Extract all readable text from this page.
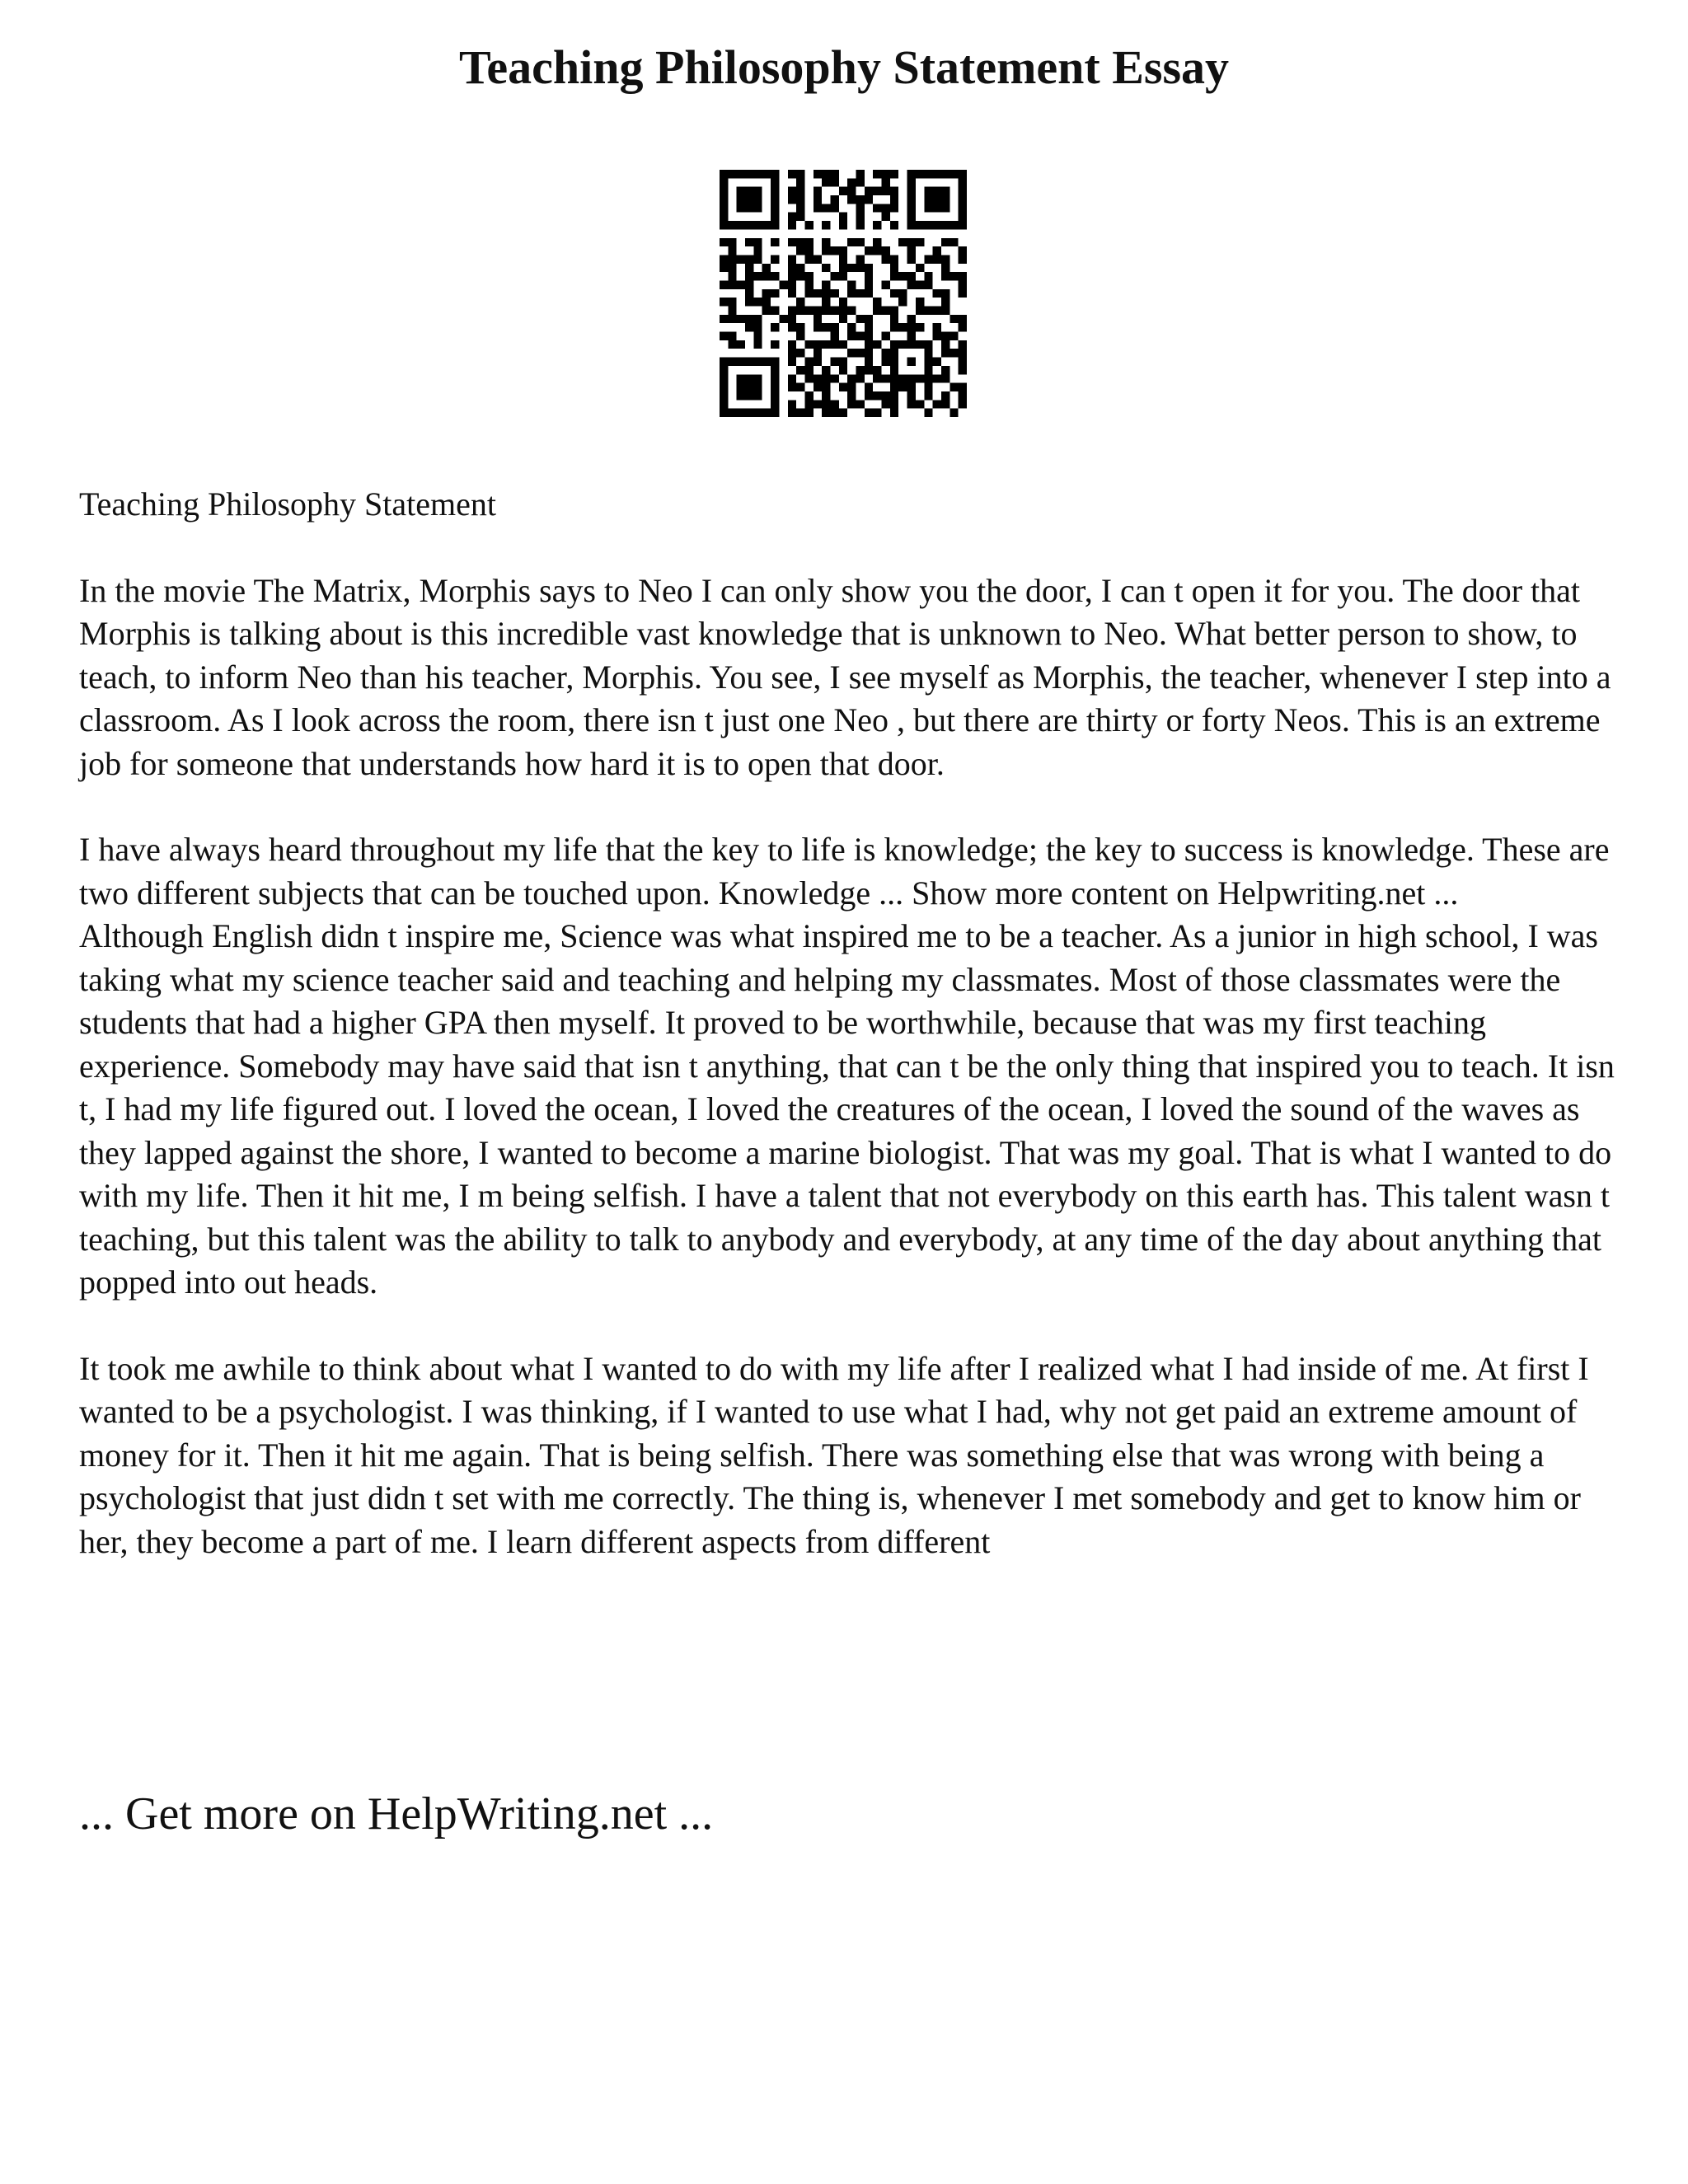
Teaching Philosophy Statement Essay

Teaching Philosophy Statement

In the movie The Matrix, Morphis says to Neo I can only show you the door, I can t open it for you. The door that Morphis is talking about is this incredible vast knowledge that is unknown to Neo. What better person to show, to teach, to inform Neo than his teacher, Morphis. You see, I see myself as Morphis, the teacher, whenever I step into a classroom. As I look across the room, there isn t just one Neo , but there are thirty or forty Neos. This is an extreme job for someone that understands how hard it is to open that door.

I have always heard throughout my life that the key to life is knowledge; the key to success is knowledge. These are two different subjects that can be touched upon. Knowledge ... Show more content on Helpwriting.net ...

Although English didn t inspire me, Science was what inspired me to be a teacher. As a junior in high school, I was taking what my science teacher said and teaching and helping my classmates. Most of those classmates were the students that had a higher GPA then myself. It proved to be worthwhile, because that was my first teaching experience. Somebody may have said that isn t anything, that can t be the only thing that inspired you to teach. It isn t, I had my life figured out. I loved the ocean, I loved the creatures of the ocean, I loved the sound of the waves as they lapped against the shore, I wanted to become a marine biologist. That was my goal. That is what I wanted to do with my life. Then it hit me, I m being selfish. I have a talent that not everybody on this earth has. This talent wasn t teaching, but this talent was the ability to talk to anybody and everybody, at any time of the day about anything that popped into out heads.

It took me awhile to think about what I wanted to do with my life after I realized what I had inside of me. At first I wanted to be a psychologist. I was thinking, if I wanted to use what I had, why not get paid an extreme amount of money for it. Then it hit me again. That is being selfish. There was something else that was wrong with being a psychologist that just didn t set with me correctly. The thing is, whenever I met somebody and get to know him or her, they become a part of me. I learn different aspects from different

... Get more on HelpWriting.net ...
